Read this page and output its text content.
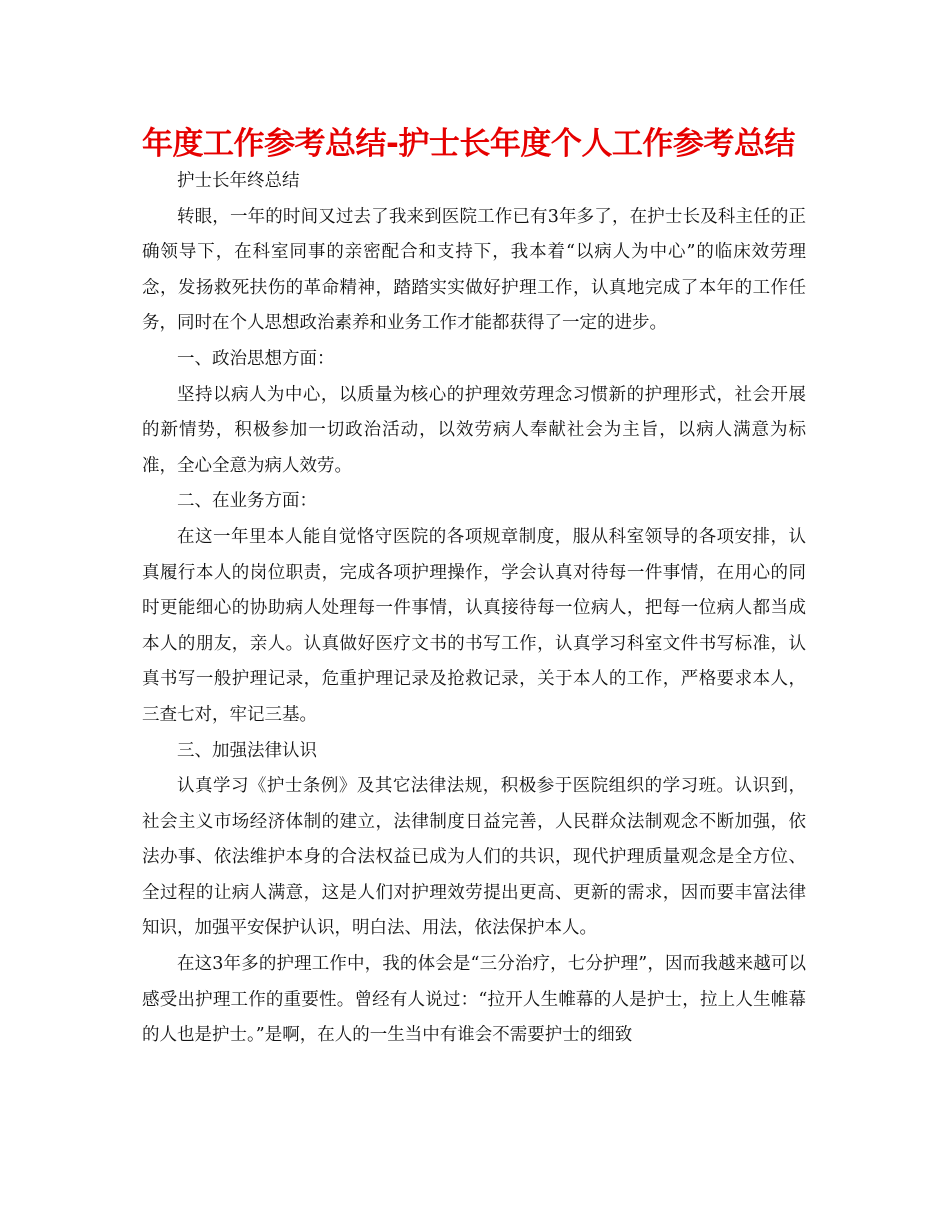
年度工作参考总结-护士长年度个人工作参考总结

护士长年终总结

转眼，一年的时间又过去了我来到医院工作已有3年多了，在护士长及科主任的正确领导下，在科室同事的亲密配合和支持下，我本着“以病人为中心”的临床效劳理念，发扬救死扶伤的革命精神，踏踏实实做好护理工作，认真地完成了本年的工作任务，同时在个人思想政治素养和业务工作才能都获得了一定的进步。

一、政治思想方面：

坚持以病人为中心，以质量为核心的护理效劳理念习惯新的护理形式，社会开展的新情势，积极参加一切政治活动，以效劳病人奉献社会为主旨，以病人满意为标准，全心全意为病人效劳。

二、在业务方面：

在这一年里本人能自觉恪守医院的各项规章制度，服从科室领导的各项安排，认真履行本人的岗位职责，完成各项护理操作，学会认真对待每一件事情，在用心的同时更能细心的协助病人处理每一件事情，认真接待每一位病人，把每一位病人都当成本人的朋友，亲人。认真做好医疗文书的书写工作，认真学习科室文件书写标准，认真书写一般护理记录，危重护理记录及抢救记录，关于本人的工作，严格要求本人，三查七对，牢记三基。

三、加强法律认识

认真学习《护士条例》及其它法律法规，积极参于医院组织的学习班。认识到，社会主义市场经济体制的建立，法律制度日益完善，人民群众法制观念不断加强，依法办事、依法维护本身的合法权益已成为人们的共识，现代护理质量观念是全方位、全过程的让病人满意，这是人们对护理效劳提出更高、更新的需求，因而要丰富法律知识，加强平安保护认识，明白法、用法，依法保护本人。

在这3年多的护理工作中，我的体会是“三分治疗，七分护理”，因而我越来越可以感受出护理工作的重要性。曾经有人说过：“拉开人生帷幕的人是护士，拉上人生帷幕的人也是护士。”是啊，在人的一生当中有谁会不需要护士的细致
